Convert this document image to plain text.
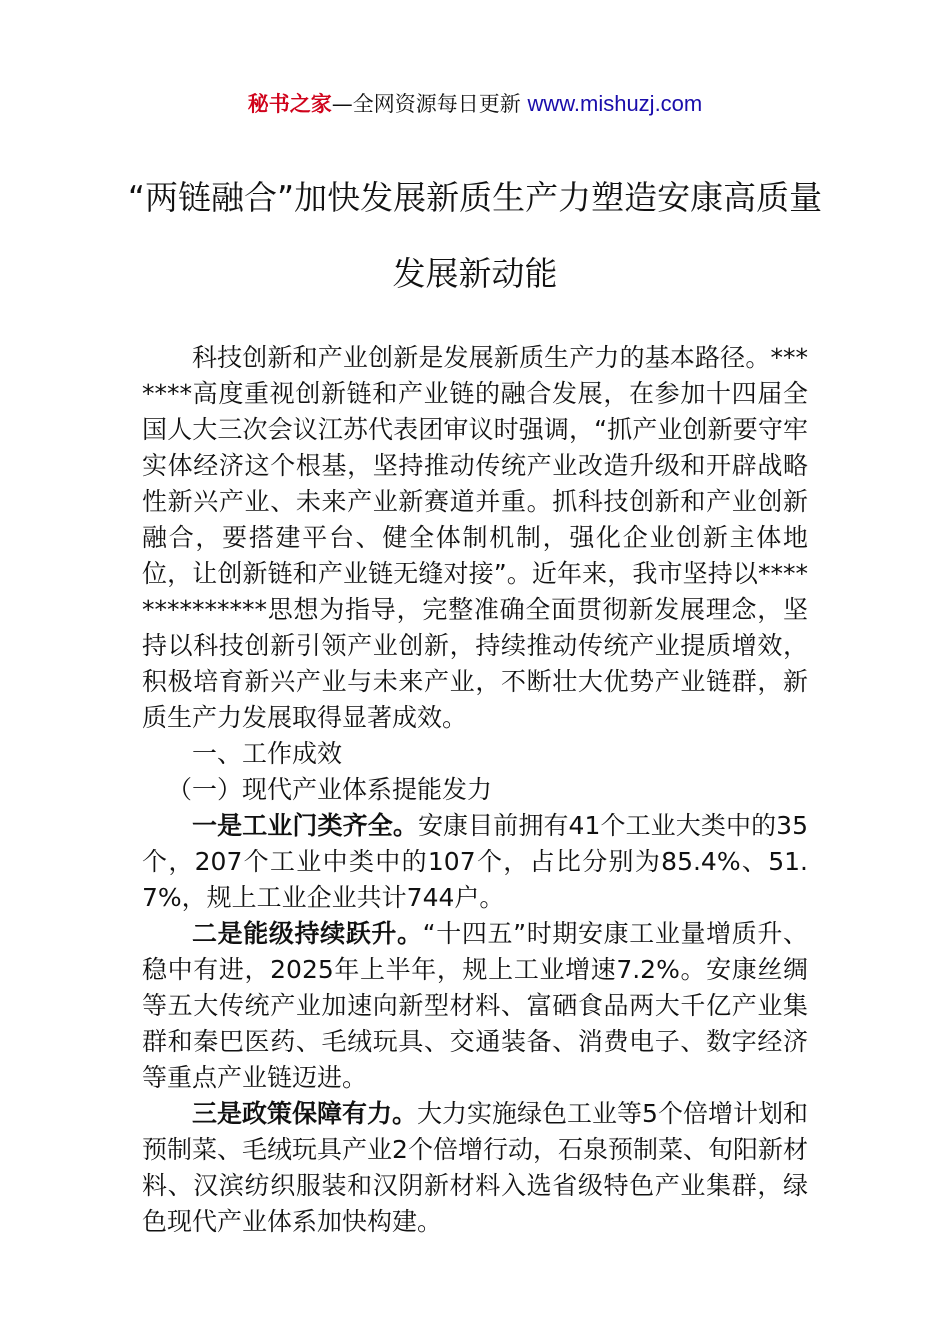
秘书之家—全网资源每日更新 www.mishuzj.com
“两链融合”加快发展新质生产力塑造安康高质量发展新动能

科技创新和产业创新是发展新质生产力的基本路径。*******高度重视创新链和产业链的融合发展，在参加十四届全国人大三次会议江苏代表团审议时强调，“抓产业创新要守牢实体经济这个根基，坚持推动传统产业改造升级和开辟战略性新兴产业、未来产业新赛道并重。抓科技创新和产业创新融合，要搭建平台、健全体制机制，强化企业创新主体地位，让创新链和产业链无缝对接”。近年来，我市坚持以**************思想为指导，完整准确全面贯彻新发展理念，坚持以科技创新引领产业创新，持续推动传统产业提质增效，积极培育新兴产业与未来产业，不断壮大优势产业链群，新质生产力发展取得显著成效。

一、工作成效

（一）现代产业体系提能发力

一是工业门类齐全。安康目前拥有41个工业大类中的35个，207个工业中类中的107个，占比分别为85.4%、51.7%，规上工业企业共计744户。

二是能级持续跃升。“十四五”时期安康工业量增质升、稳中有进，2025年上半年，规上工业增速7.2%。安康丝绸等五大传统产业加速向新型材料、富硒食品两大千亿产业集群和秦巴医药、毛绒玩具、交通装备、消费电子、数字经济等重点产业链迈进。

三是政策保障有力。大力实施绿色工业等5个倍增计划和预制菜、毛绒玩具产业2个倍增行动，石泉预制菜、旬阳新材料、汉滨纺织服装和汉阴新材料入选省级特色产业集群，绿色现代产业体系加快构建。
